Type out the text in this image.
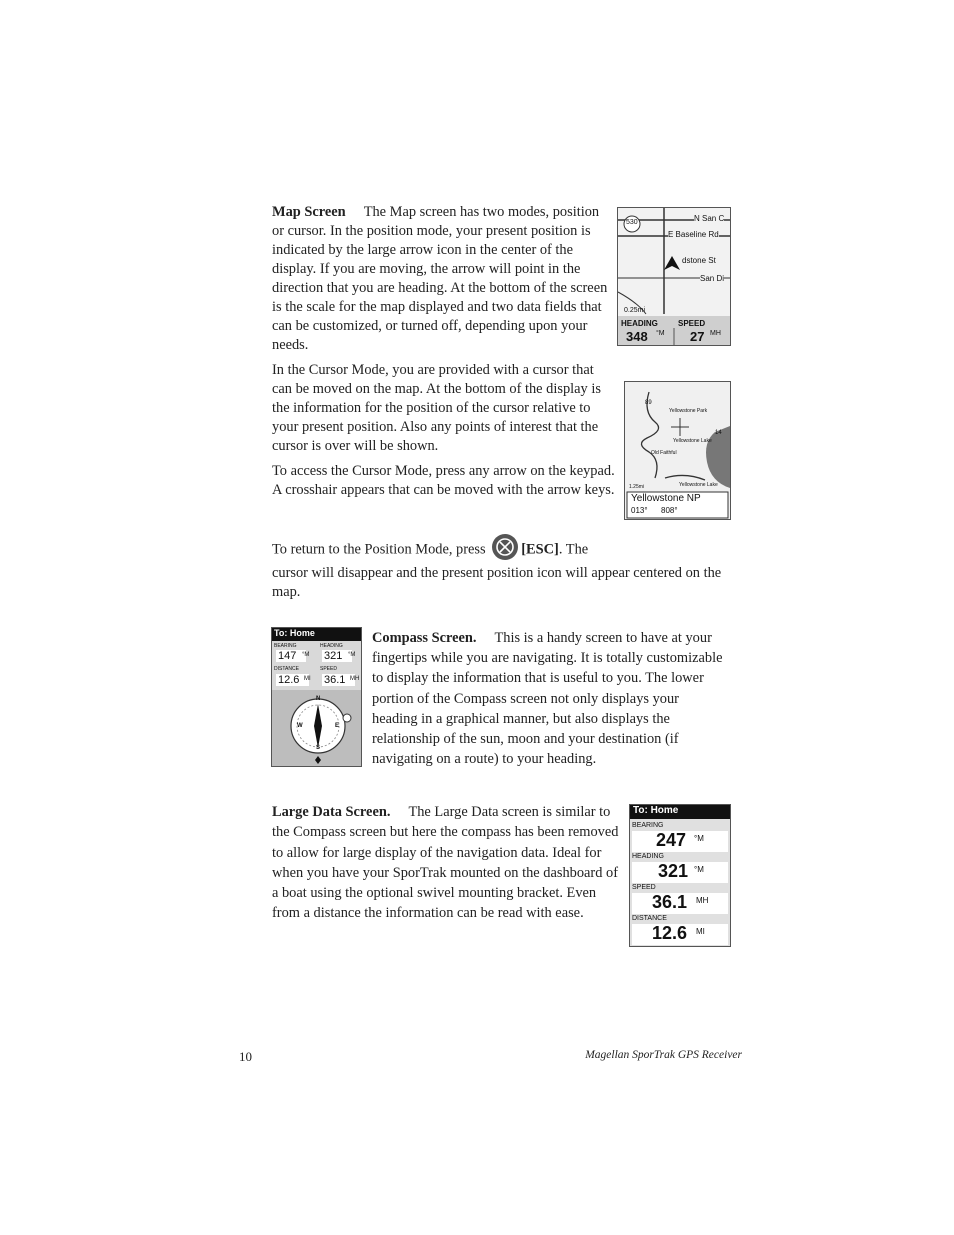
Map Screen The Map screen has two modes, position or cursor. In the position mode, your present position is indicated by the large arrow icon in the center of the display. If you are moving, the arrow will point in the direction that you are heading. At the bottom of the screen is the scale for the map displayed and two data fields that can be customized, or turned off, depending upon your needs.

530	N San C
E Baseline Rd
dstone St
San Di
0.25mi
HEADING	SPEED
348 °M 27 MH

In the Cursor Mode, you are provided with a cursor that can be moved on the map. At the bottom of the display is the information for the position of the cursor relative to your present position. Also any points of interest that the cursor is over will be shown.

To access the Cursor Mode, press any arrow on the keypad. A crosshair appears that can be moved with the arrow keys.

89
14
Yellowstone Park
Yellowstone Lake
Old Faithful
Yellowstone Lake
1.25mi
Yellowstone NP
013° 808°

To return to the Position Mode, press [ESC]. The

cursor will disappear and the present position icon will appear centered on the map.

To: Home
BEARING	HEADING
147 °M 321 °M
DISTANCE	SPEED
12.6 MI 36.1 MH
N
E
S
W

Compass Screen. This is a handy screen to have at your fingertips while you are navigating. It is totally customizable to display the information that is useful to you. The lower portion of the Compass screen not only displays your heading in a graphical manner, but also displays the relationship of the sun, moon and your destination (if navigating on a route) to your heading.

Large Data Screen. The Large Data screen is similar to the Compass screen but here the compass has been removed to allow for large display of the navigation data. Ideal for when you have your SporTrak mounted on the dashboard of a boat using the optional swivel mounting bracket. Even from a distance the information can be read with ease.

To: Home
BEARING
247 °M
HEADING
321 °M
SPEED
36.1 MH
DISTANCE
12.6 MI
10	Magellan SporTrak GPS Receiver
